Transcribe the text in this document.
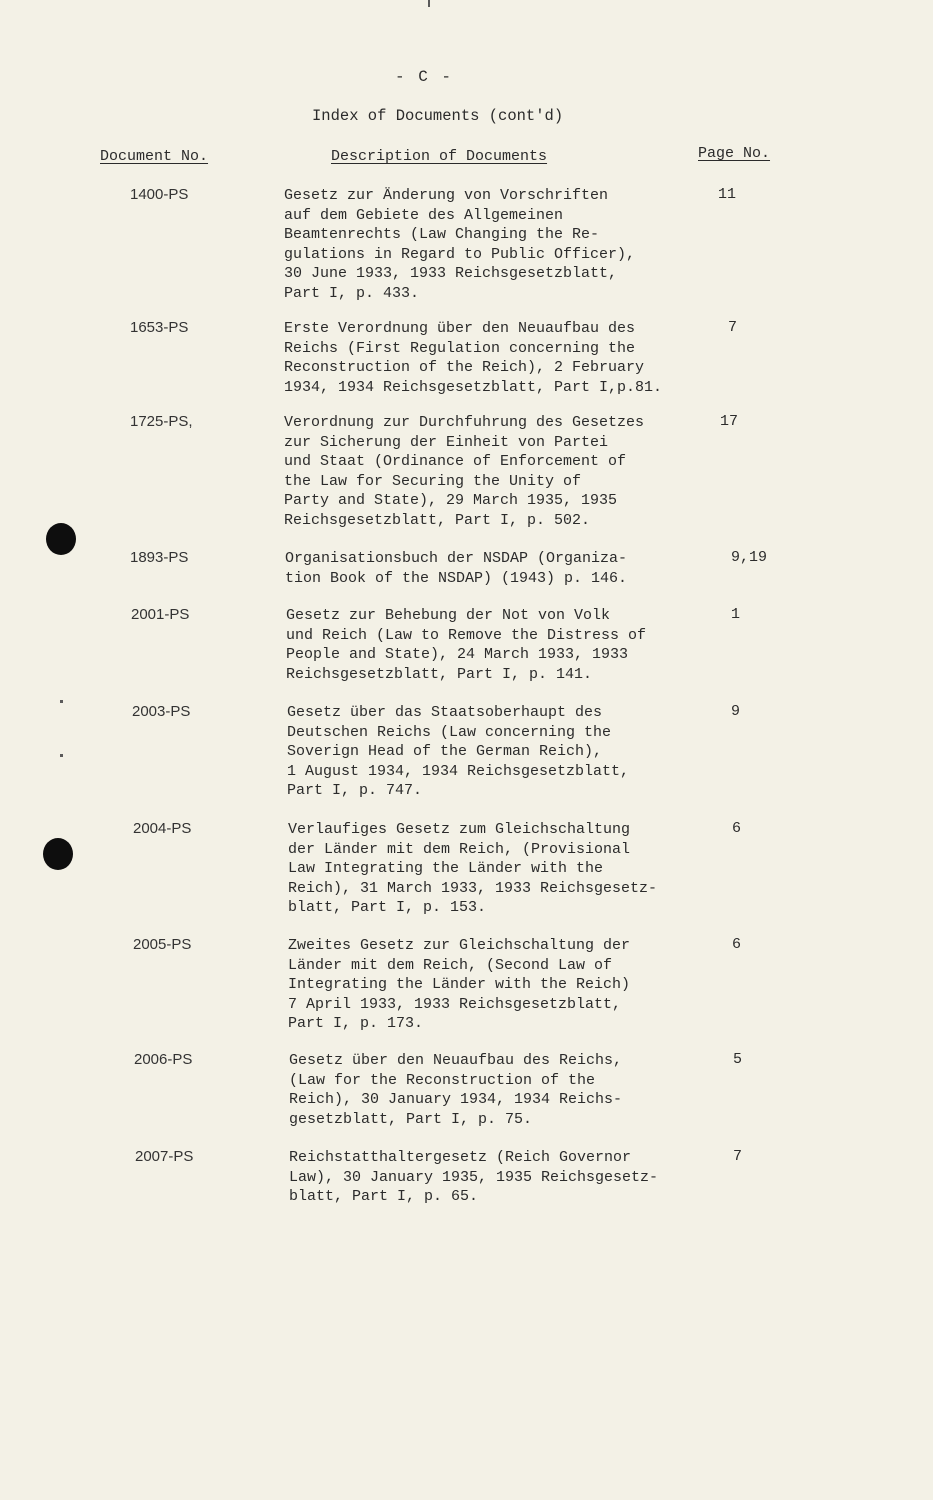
- C -
Index of Documents (cont'd)
Document No.	Description of Documents	Page No.
1400-PS	Gesetz zur Änderung von Vorschriften
auf dem Gebiete des Allgemeinen
Beamtenrechts (Law Changing the Re-
gulations in Regard to Public Officer),
30 June 1933, 1933 Reichsgesetzblatt,
Part I, p. 433.
11
1653-PS	Erste Verordnung über den Neuaufbau des
Reichs (First Regulation concerning the
Reconstruction of the Reich), 2 February
1934, 1934 Reichsgesetzblatt, Part I,p.81.
7
1725-PS,	Verordnung zur Durchfuhrung des Gesetzes
zur Sicherung der Einheit von Partei
und Staat (Ordinance of Enforcement of
the Law for Securing the Unity of
Party and State), 29 March 1935, 1935
Reichsgesetzblatt, Part I, p. 502.
17
1893-PS	Organisationsbuch der NSDAP (Organiza-
tion Book of the NSDAP) (1943) p. 146.
9,19
2001-PS	Gesetz zur Behebung der Not von Volk
und Reich (Law to Remove the Distress of
People and State), 24 March 1933, 1933
Reichsgesetzblatt, Part I, p. 141.
1
2003-PS	Gesetz über das Staatsoberhaupt des
Deutschen Reichs (Law concerning the
Soverign Head of the German Reich),
1 August 1934, 1934 Reichsgesetzblatt,
Part I, p. 747.
9
2004-PS	Verlaufiges Gesetz zum Gleichschaltung
der Länder mit dem Reich, (Provisional
Law Integrating the Länder with the
Reich), 31 March 1933, 1933 Reichsgesetz-
blatt, Part I, p. 153.
6
2005-PS	Zweites Gesetz zur Gleichschaltung der
Länder mit dem Reich, (Second Law of
Integrating the Länder with the Reich)
7 April 1933, 1933 Reichsgesetzblatt,
Part I, p. 173.
6
2006-PS	Gesetz über den Neuaufbau des Reichs,
(Law for the Reconstruction of the
Reich), 30 January 1934, 1934 Reichs-
gesetzblatt, Part I, p. 75.
5
2007-PS	Reichstatthaltergesetz (Reich Governor
Law), 30 January 1935, 1935 Reichsgesetz-
blatt, Part I, p. 65.
7
